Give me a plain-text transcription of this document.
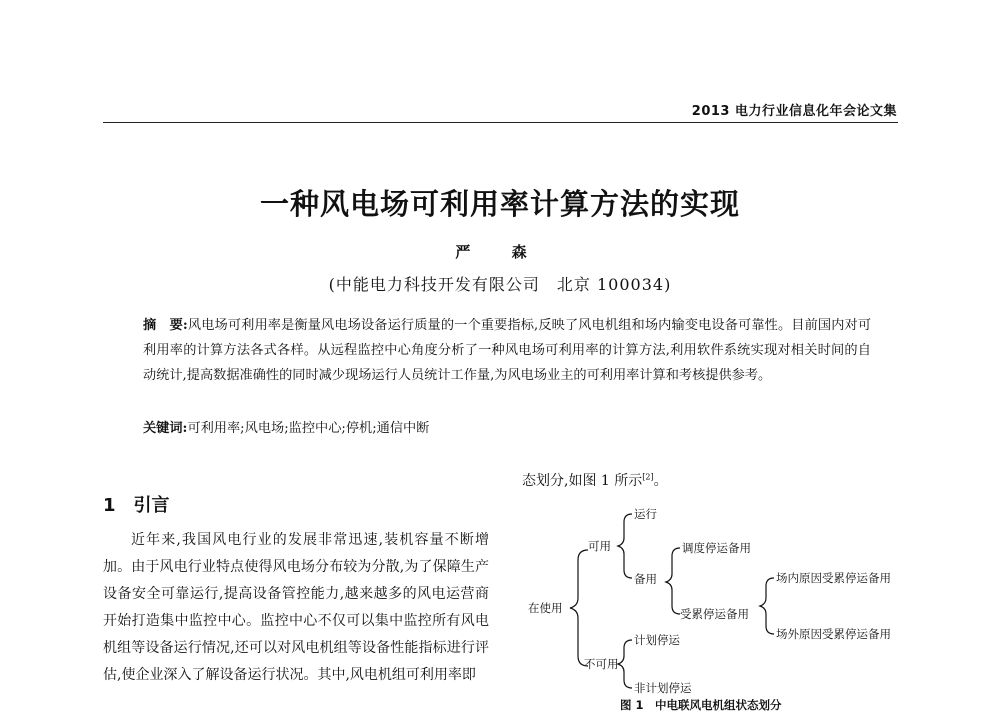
2013 电力行业信息化年会论文集
一种风电场可利用率计算方法的实现
严 森
(中能电力科技开发有限公司　北京 100034)
摘　要:风电场可利用率是衡量风电场设备运行质量的一个重要指标,反映了风电机组和场内输变电设备可靠性。目前国内对可利用率的计算方法各式各样。从远程监控中心角度分析了一种风电场可利用率的计算方法,利用软件系统实现对相关时间的自动统计,提高数据准确性的同时减少现场运行人员统计工作量,为风电场业主的可利用率计算和考核提供参考。
关键词:可利用率;风电场;监控中心;停机;通信中断
1　引言
近年来,我国风电行业的发展非常迅速,装机容量不断增加。由于风电行业特点使得风电场分布较为分散,为了保障生产设备安全可靠运行,提高设备管控能力,越来越多的风电运营商开始打造集中监控中心。监控中心不仅可以集中监控所有风电机组等设备运行情况,还可以对风电机组等设备性能指标进行评估,使企业深入了解设备运行状况。其中,风电机组可利用率即
态划分,如图 1 所示[2]。
在使用
可用
运行
备用
调度停运备用
受累停运备用
场内原因受累停运备用
场外原因受累停运备用
不可用
计划停运
非计划停运
图 1　中电联风电机组状态划分
